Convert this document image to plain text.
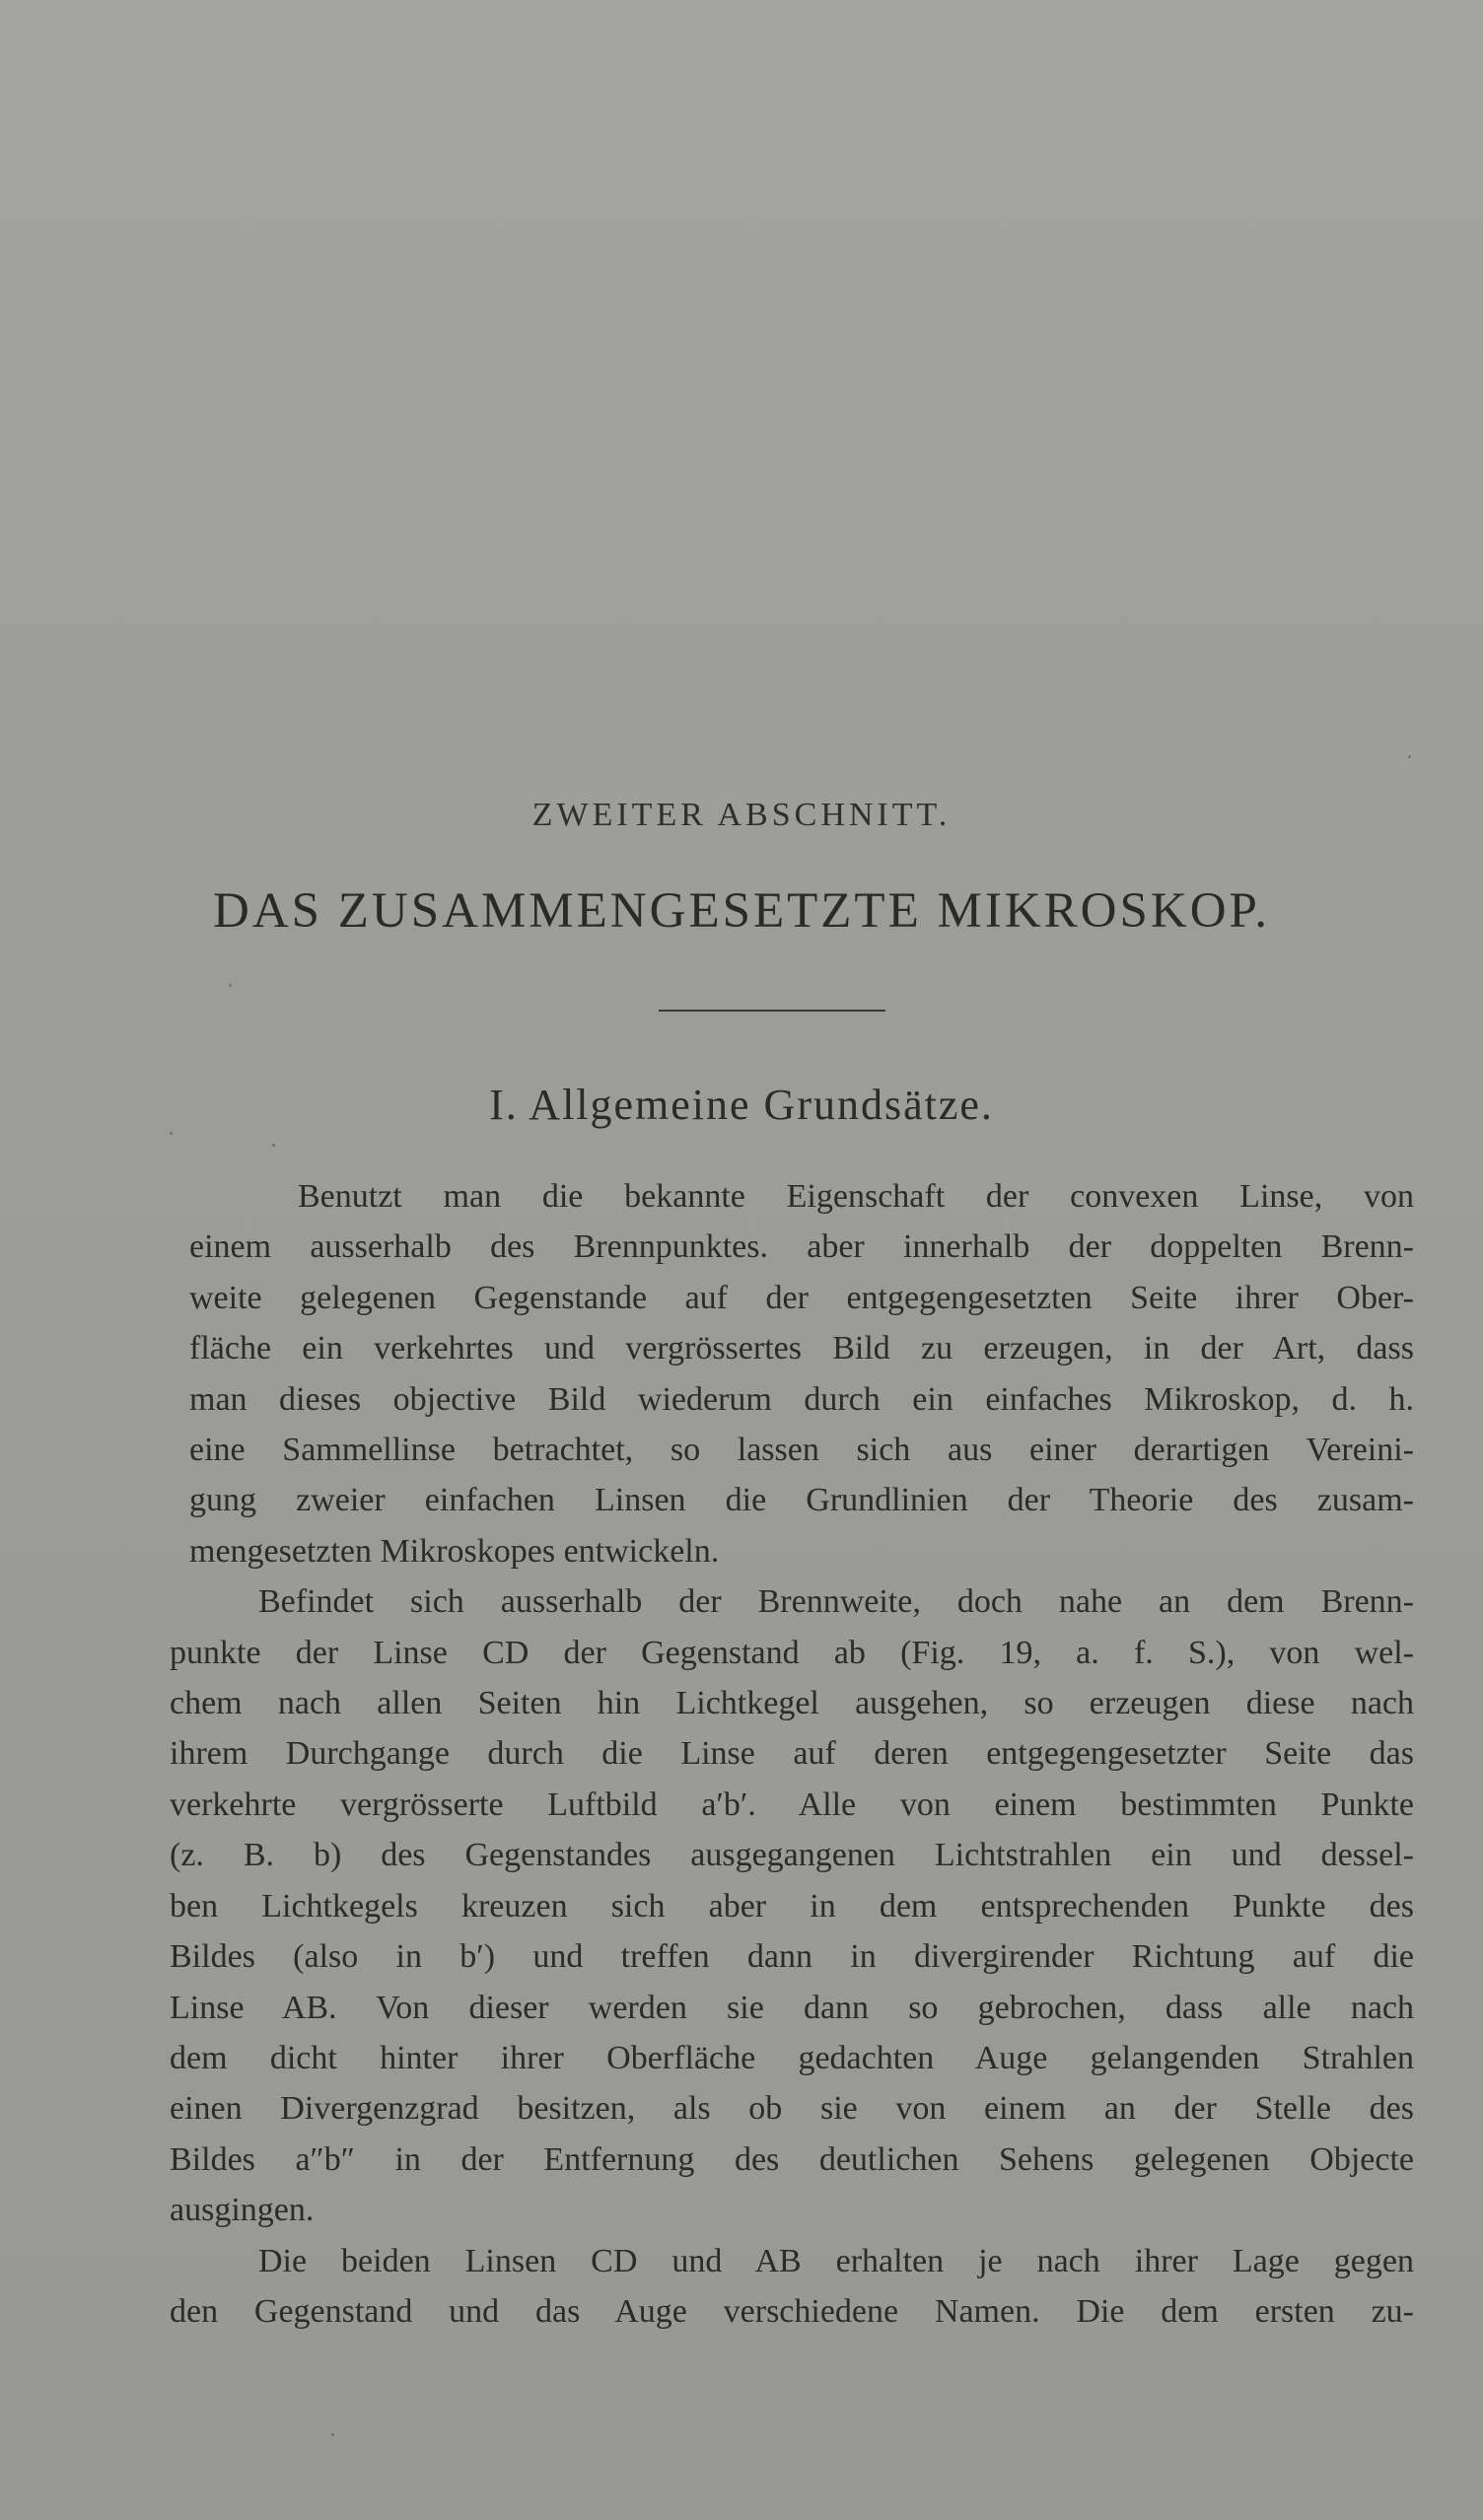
ZWEITER ABSCHNITT.
DAS ZUSAMMENGESETZTE MIKROSKOP.
I. Allgemeine Grundsätze.
Benutzt man die bekannte Eigenschaft der convexen Linse, von
einem ausserhalb des Brennpunktes. aber innerhalb der doppelten Brenn-
weite gelegenen Gegenstande auf der entgegengesetzten Seite ihrer Ober-
fläche ein verkehrtes und vergrössertes Bild zu erzeugen, in der Art, dass
man dieses objective Bild wiederum durch ein einfaches Mikroskop, d. h.
eine Sammellinse betrachtet, so lassen sich aus einer derartigen Vereini-
gung zweier einfachen Linsen die Grundlinien der Theorie des zusam-
mengesetzten Mikroskopes entwickeln.
Befindet sich ausserhalb der Brennweite, doch nahe an dem Brenn-
punkte der Linse CD der Gegenstand ab (Fig. 19, a. f. S.), von wel-
chem nach allen Seiten hin Lichtkegel ausgehen, so erzeugen diese nach
ihrem Durchgange durch die Linse auf deren entgegengesetzter Seite das
verkehrte vergrösserte Luftbild a′b′. Alle von einem bestimmten Punkte
(z. B. b) des Gegenstandes ausgegangenen Lichtstrahlen ein und dessel-
ben Lichtkegels kreuzen sich aber in dem entsprechenden Punkte des
Bildes (also in b′) und treffen dann in divergirender Richtung auf die
Linse AB. Von dieser werden sie dann so gebrochen, dass alle nach
dem dicht hinter ihrer Oberfläche gedachten Auge gelangenden Strahlen
einen Divergenzgrad besitzen, als ob sie von einem an der Stelle des
Bildes a″b″ in der Entfernung des deutlichen Sehens gelegenen Objecte
ausgingen.
Die beiden Linsen CD und AB erhalten je nach ihrer Lage gegen
den Gegenstand und das Auge verschiedene Namen. Die dem ersten zu-
